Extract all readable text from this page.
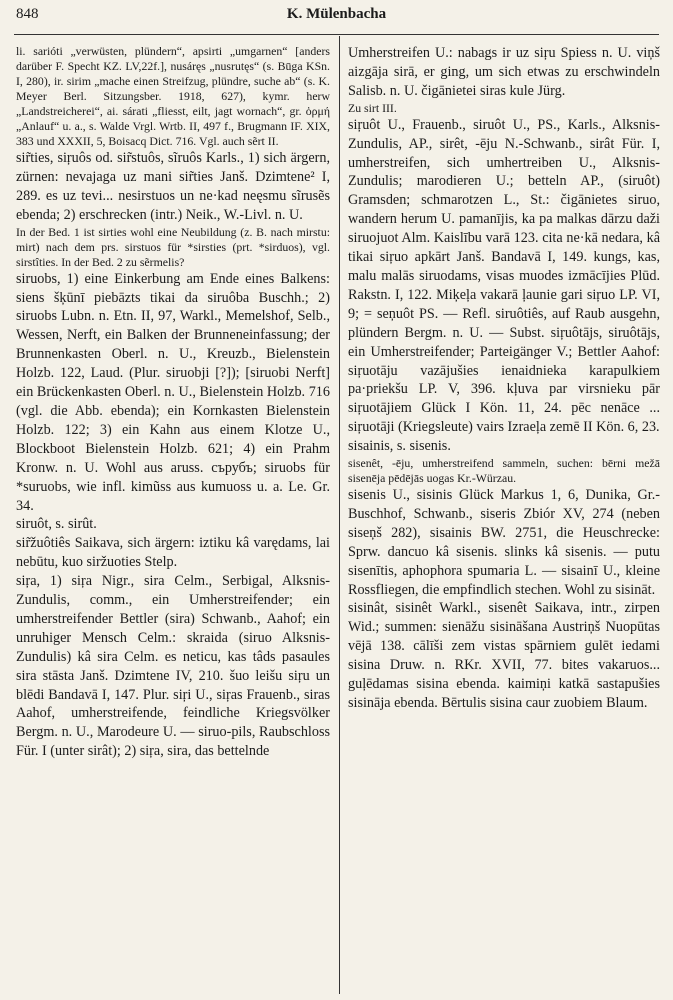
848	K. Mülenbacha

li. sarióti „verwüsten, plündern“, apsirti „umgarnen“ [anders darüber F. Specht KZ. LV,22f.], nusáręs „nusrutęs“ (s. Būga KSn. I, 280), ir. sirim „mache einen Streifzug, plündre, suche ab“ (s. K. Meyer Berl. Sitzungsber. 1918, 627), kymr. herw „Landstreicherei“, ai. sárati „fliesst, eilt, jagt wornach“, gr. ὁρμή „Anlauf“ u. a., s. Walde Vrgl. Wrtb. II, 497 f., Brugmann IF. XIX, 383 und XXXII, 5, Boisacq Dict. 716. Vgl. auch sẽrt II.

sir̃ties, siŗuôs od. sir̃stuôs, sĩruôs Karls., 1) sich ärgern, zürnen: nevajaga uz mani sir̃ties Janš. Dzimtene² I, 289. es uz tevi... nesirstuos un ne·kad neęsmu sĩrusẽs ebenda; 2) erschrecken (intr.) Neik., W.-Livl. n. U.

In der Bed. 1 ist sirties wohl eine Neubildung (z. B. nach mirstu: mirt) nach dem prs. sirstuos für *sirsties (prt. *sirduos), vgl. sirstîties. In der Bed. 2 zu sẽrmelis?

siruobs, 1) eine Einkerbung am Ende eines Balkens: siens šķūnī piebāzts tikai da siruôba Buschh.; 2) siruobs Lubn. n. Etn. II, 97, Warkl., Memelshof, Selb., Wessen, Nerft, ein Balken der Brunneneinfassung; der Brunnenkasten Oberl. n. U., Kreuzb., Bielenstein Holzb. 122, Laud. (Plur. siruobji [?]); [siruobi Nerft] ein Brückenkasten Oberl. n. U., Bielenstein Holzb. 716 (vgl. die Abb. ebenda); ein Kornkasten Bielenstein Holzb. 122; 3) ein Kahn aus einem Klotze U., Blockboot Bielenstein Holzb. 621; 4) ein Prahm Kronw. n. U. Wohl aus aruss. сърубъ; siruobs für *suruobs, wie infl. kimũss aus kumuoss u. a. Le. Gr. 34.

siruôt, s. sirût.

sir̃žuôtiês Saikava, sich ärgern: iztiku kâ varędams, lai nebūtu, kuo siržuoties Stelp.

siŗa, 1) siŗa Nigr., sira Celm., Serbigal, Alksnis-Zundulis, comm., ein Umherstreifender; ein umherstreifender Bettler (sira) Schwanb., Aahof; ein unruhiger Mensch Celm.: skraida (siruo Alksnis-Zundulis) kâ sira Celm. es neticu, kas tâds pasaules sira stāsta Janš. Dzimtene IV, 210. šuo leišu siŗu un blēdi Bandavā I, 147. Plur. siŗi U., siŗas Frauenb., siras Aahof, umherstreifende, feindliche Kriegsvölker Bergm. n. U., Marodeure U. — siruo-pils, Raubschloss Für. I (unter sirât); 2) siŗa, sira, das bettelnde

Umherstreifen U.: nabags ir uz siŗu Spiess n. U. viņš aizgāja sirā, er ging, um sich etwas zu erschwindeln Salisb. n. U. čigānietei siras kule Jürg.

Zu sirt III.

siŗuôt U., Frauenb., siruôt U., PS., Karls., Alksnis-Zundulis, AP., sirêt, -ēju N.-Schwanb., sirât Für. I, umherstreifen, sich umhertreiben U., Alksnis-Zundulis; marodieren U.; betteln AP., (siruôt) Gramsden; schmarotzen L., St.: čigānietes siruo, wandern herum U. pamanījis, ka pa malkas dārzu daži siruojuot Alm. Kaislību varā 123. cita ne·kā nedara, kâ tikai siŗuo apkārt Janš. Bandavā I, 149. kungs, kas, malu malās siruodams, visas muodes izmācījies Plūd. Rakstn. I, 122. Miķeļa vakarā ļaunie gari siŗuo LP. VI, 9; = seņuôt PS. — Refl. siruôtiês, auf Raub ausgehn, plündern Bergm. n. U. — Subst. siŗuôtājs, siruôtājs, ein Umherstreifender; Parteigänger V.; Bettler Aahof: siŗuotāju vazājušies ienaidnieka karapulkiem pa·priekšu LP. V, 396. kļuva par virsnieku pār siŗuotājiem Glück I Kön. 11, 24. pēc nenāce ... siŗuotāji (Kriegsleute) vairs Izraeļa zemē II Kön. 6, 23.

sisainis, s. sisenis.

sisenêt, -ēju, umherstreifend sammeln, suchen: bērni mežā sisenēja pēdējās uogas Kr.-Würzau.

sisenis U., sisinis Glück Markus 1, 6, Dunika, Gr.-Buschhof, Schwanb., siseris Zbiór XV, 274 (neben siseņš 282), sisainis BW. 2751, die Heuschrecke: Sprw. dancuo kâ sisenis. slinks kâ sisenis. — putu sisenītis, aphophora spumaria L. — sisainī U., kleine Rossfliegen, die empfindlich stechen. Wohl zu sisināt.

sisinât, sisinêt Warkl., sisenêt Saikava, intr., zirpen Wid.; summen: sienāžu sisināšana Austriņš Nuopūtas vējā 138. cālīši zem vistas spārniem gulēt iedami sisina Druw. n. RKr. XVII, 77. bites vakaruos... guļēdamas sisina ebenda. kaimiņi katkā sastapušies sisināja ebenda. Bērtulis sisina caur zuobiem Blaum.
